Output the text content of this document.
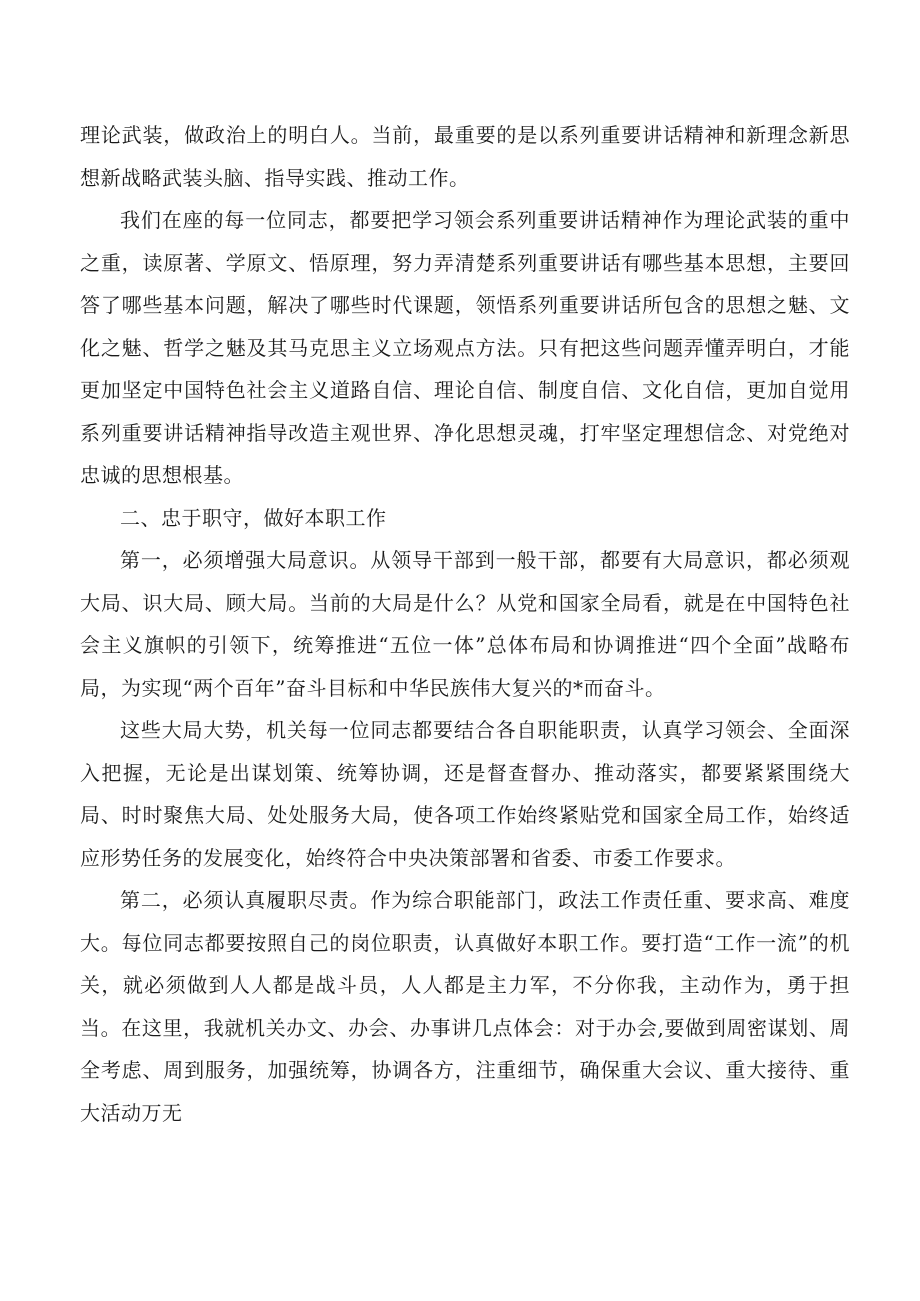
理论武装，做政治上的明白人。当前，最重要的是以系列重要讲话精神和新理念新思想新战略武装头脑、指导实践、推动工作。

我们在座的每一位同志，都要把学习领会系列重要讲话精神作为理论武装的重中之重，读原著、学原文、悟原理，努力弄清楚系列重要讲话有哪些基本思想，主要回答了哪些基本问题，解决了哪些时代课题，领悟系列重要讲话所包含的思想之魅、文化之魅、哲学之魅及其马克思主义立场观点方法。只有把这些问题弄懂弄明白，才能更加坚定中国特色社会主义道路自信、理论自信、制度自信、文化自信，更加自觉用系列重要讲话精神指导改造主观世界、净化思想灵魂，打牢坚定理想信念、对党绝对忠诚的思想根基。

二、忠于职守，做好本职工作

第一，必须增强大局意识。从领导干部到一般干部，都要有大局意识，都必须观大局、识大局、顾大局。当前的大局是什么？从党和国家全局看，就是在中国特色社会主义旗帜的引领下，统筹推进“五位一体”总体布局和协调推进“四个全面”战略布局，为实现“两个百年”奋斗目标和中华民族伟大复兴的*而奋斗。

这些大局大势，机关每一位同志都要结合各自职能职责，认真学习领会、全面深入把握，无论是出谋划策、统筹协调，还是督查督办、推动落实，都要紧紧围绕大局、时时聚焦大局、处处服务大局，使各项工作始终紧贴党和国家全局工作，始终适应形势任务的发展变化，始终符合中央决策部署和省委、市委工作要求。

第二，必须认真履职尽责。作为综合职能部门，政法工作责任重、要求高、难度大。每位同志都要按照自己的岗位职责，认真做好本职工作。要打造“工作一流”的机关，就必须做到人人都是战斗员，人人都是主力军，不分你我，主动作为，勇于担当。在这里，我就机关办文、办会、办事讲几点体会：对于办会,要做到周密谋划、周全考虑、周到服务，加强统筹，协调各方，注重细节，确保重大会议、重大接待、重大活动万无
